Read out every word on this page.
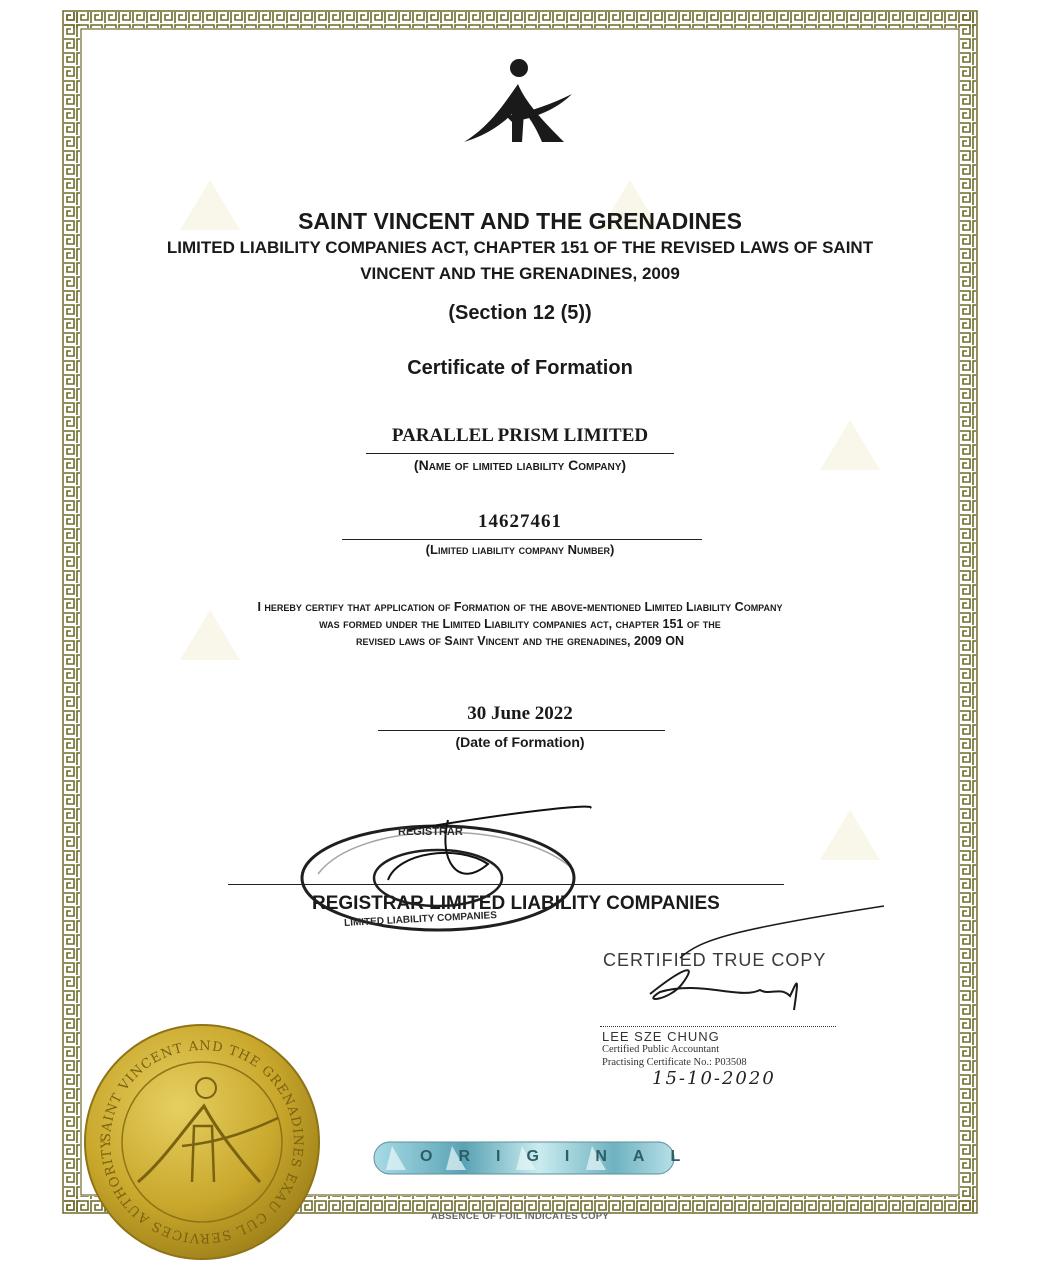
SAINT VINCENT AND THE GRENADINES
LIMITED LIABILITY COMPANIES ACT, CHAPTER 151 OF THE REVISED LAWS OF SAINT
VINCENT AND THE GRENADINES, 2009
(Section 12 (5))
Certificate of Formation
PARALLEL PRISM LIMITED
(Name of limited liability Company)
14627461
(Limited liability company Number)
I hereby certify that application of Formation of the above-mentioned Limited Liability Company
was formed under the Limited Liability companies act, chapter 151 of the
revised laws of Saint Vincent and the grenadines, 2009 ON
30 June 2022
(Date of Formation)
REGISTRAR LIMITED LIABILITY COMPANIES
REGISTRAR
LIMITED LIABILITY COMPANIES
CERTIFIED TRUE COPY
LEE SZE CHUNG
Certified Public Accountant
Practising Certificate No.: P03508
15-10-2020
SAINT VINCENT AND THE GRENADINES EXAU CUL SERVICES AUTHORITY
ORIGINAL
ABSENCE OF FOIL INDICATES COPY
